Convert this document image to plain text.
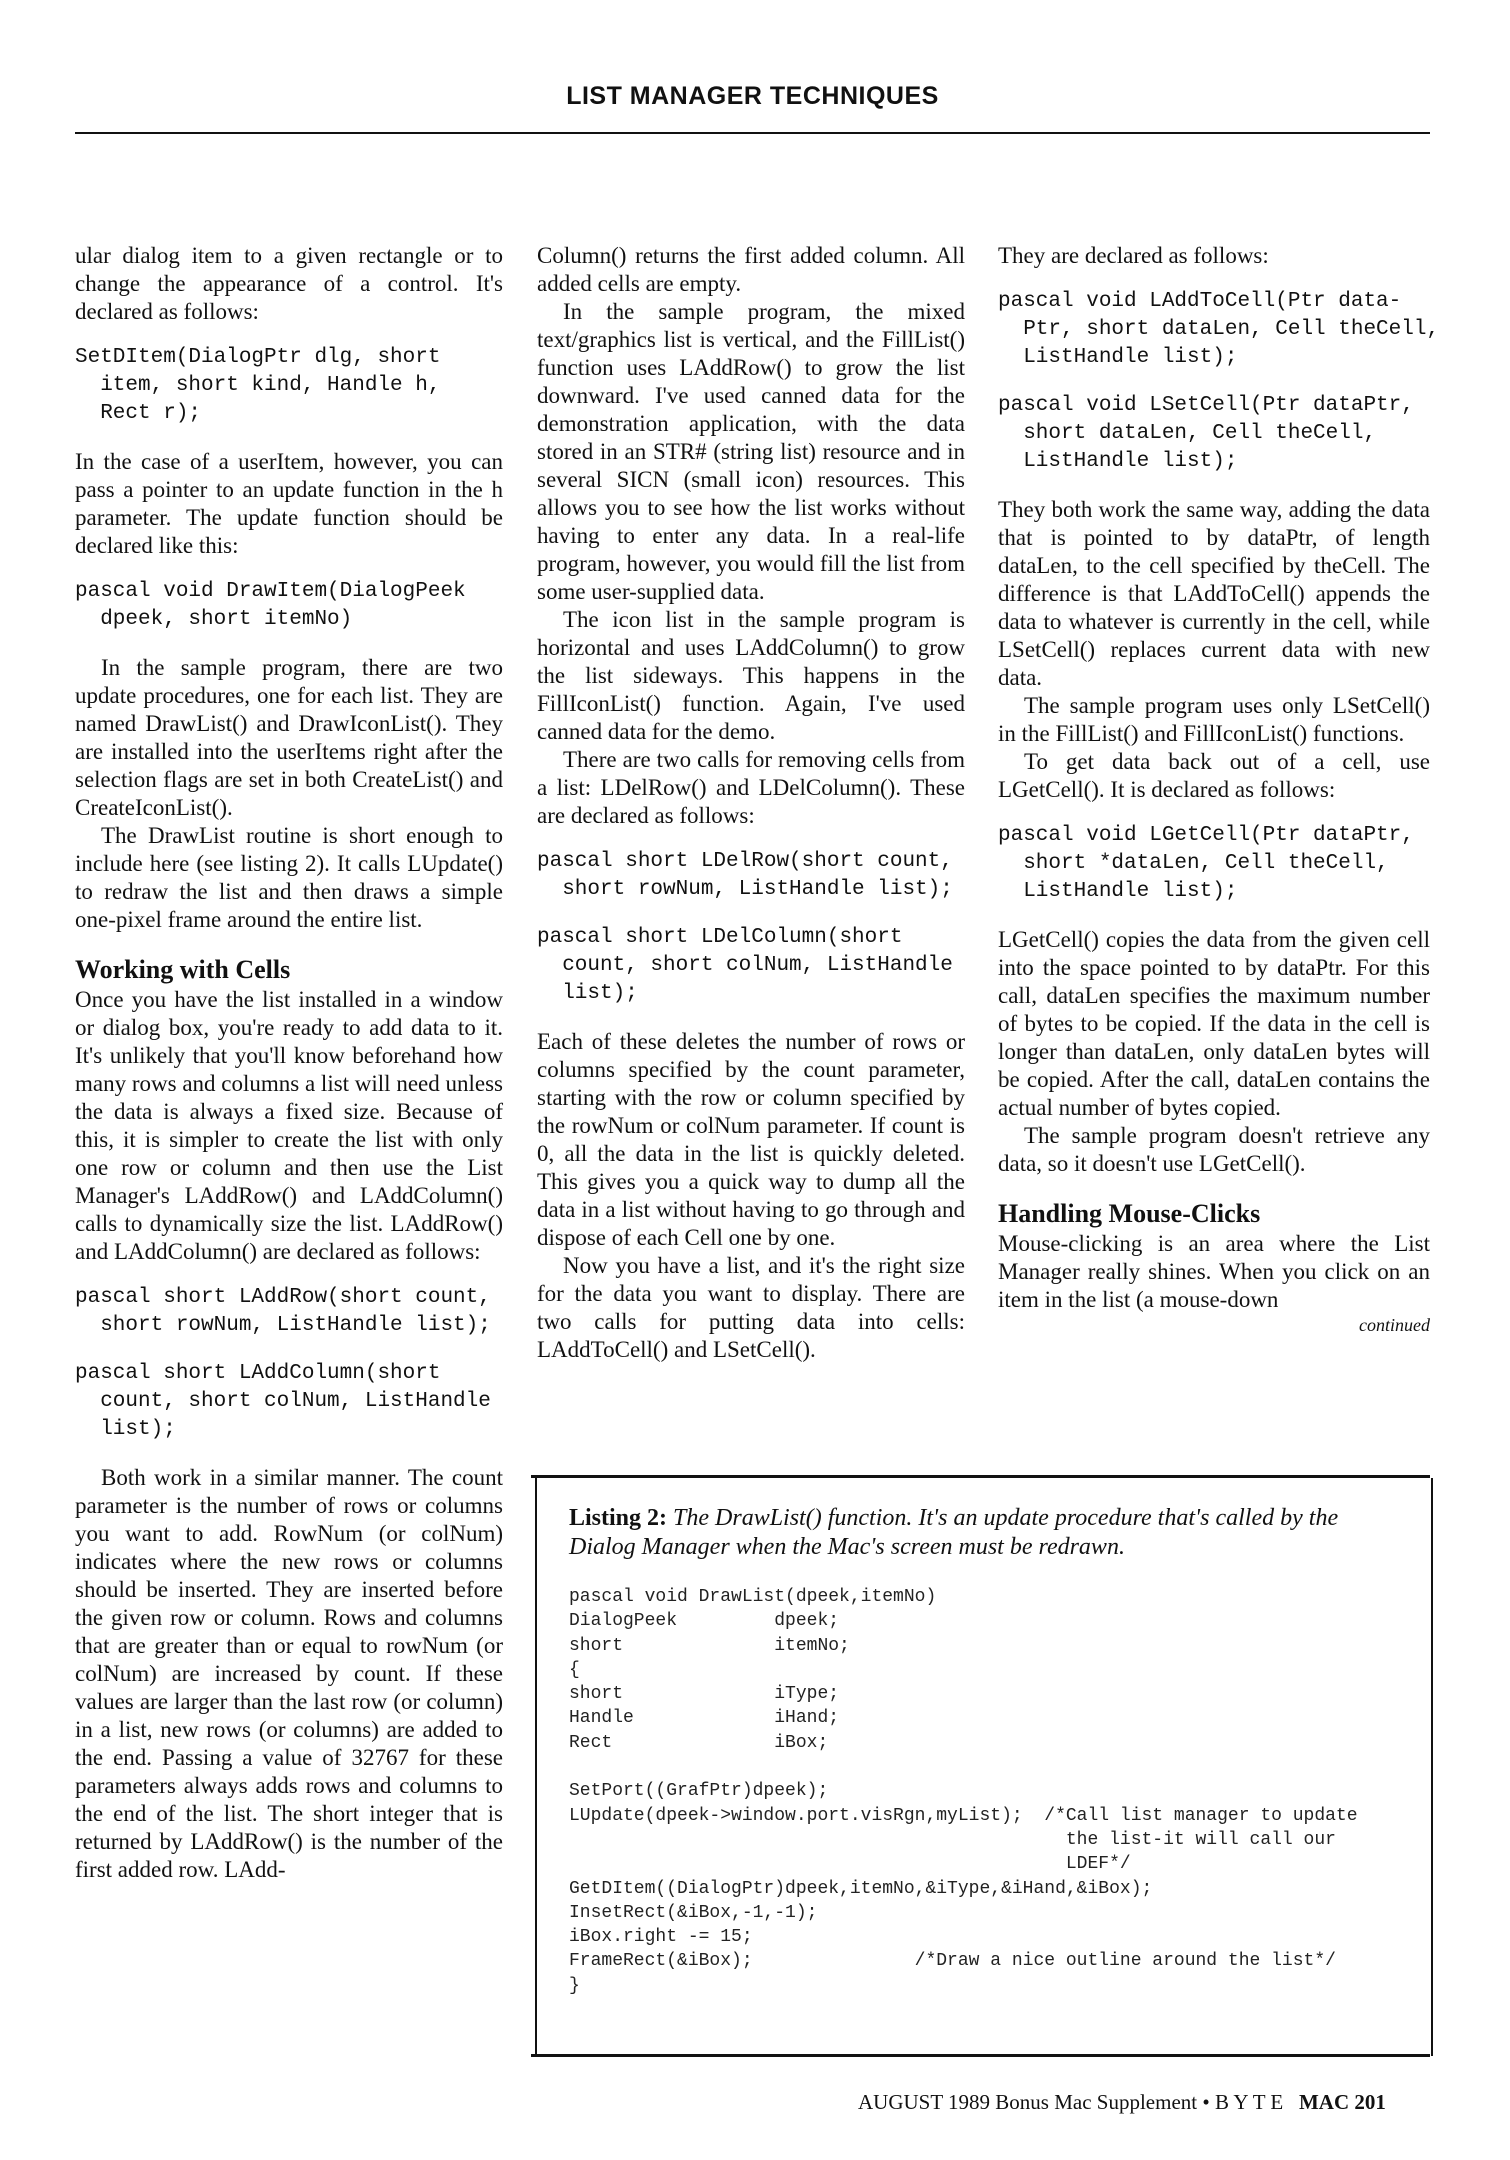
LIST MANAGER TECHNIQUES

ular dialog item to a given rectangle or to change the appearance of a control. It's declared as follows:

SetDItem(DialogPtr dlg, short
item, short kind, Handle h,
Rect r);

In the case of a userItem, however, you can pass a pointer to an update function in the h parameter. The update function should be declared like this:

pascal void DrawItem(DialogPeek
dpeek, short itemNo)

In the sample program, there are two update procedures, one for each list. They are named DrawList() and DrawIconList(). They are installed into the userItems right after the selection flags are set in both CreateList() and CreateIconList().

The DrawList routine is short enough to include here (see listing 2). It calls LUpdate() to redraw the list and then draws a simple one-pixel frame around the entire list.

Working with Cells

Once you have the list installed in a window or dialog box, you're ready to add data to it. It's unlikely that you'll know beforehand how many rows and columns a list will need unless the data is always a fixed size. Because of this, it is simpler to create the list with only one row or column and then use the List Manager's LAddRow() and LAddColumn() calls to dynamically size the list. LAddRow() and LAddColumn() are declared as follows:

pascal short LAddRow(short count,
short rowNum, ListHandle list);
pascal short LAddColumn(short
count, short colNum, ListHandle
list);

Both work in a similar manner. The count parameter is the number of rows or columns you want to add. RowNum (or colNum) indicates where the new rows or columns should be inserted. They are inserted before the given row or column. Rows and columns that are greater than or equal to rowNum (or colNum) are increased by count. If these values are larger than the last row (or column) in a list, new rows (or columns) are added to the end. Passing a value of 32767 for these parameters always adds rows and columns to the end of the list. The short integer that is returned by LAddRow() is the number of the first added row. LAdd-

Column() returns the first added column. All added cells are empty.

In the sample program, the mixed text/graphics list is vertical, and the FillList() function uses LAddRow() to grow the list downward. I've used canned data for the demonstration application, with the data stored in an STR# (string list) resource and in several SICN (small icon) resources. This allows you to see how the list works without having to enter any data. In a real-life program, however, you would fill the list from some user-supplied data.

The icon list in the sample program is horizontal and uses LAddColumn() to grow the list sideways. This happens in the FillIconList() function. Again, I've used canned data for the demo.

There are two calls for removing cells from a list: LDelRow() and LDelColumn(). These are declared as follows:

pascal short LDelRow(short count,
short rowNum, ListHandle list);
pascal short LDelColumn(short
count, short colNum, ListHandle
list);

Each of these deletes the number of rows or columns specified by the count parameter, starting with the row or column specified by the rowNum or colNum parameter. If count is 0, all the data in the list is quickly deleted. This gives you a quick way to dump all the data in a list without having to go through and dispose of each Cell one by one.

Now you have a list, and it's the right size for the data you want to display. There are two calls for putting data into cells: LAddToCell() and LSetCell().

They are declared as follows:

pascal void LAddToCell(Ptr data-
Ptr, short dataLen, Cell theCell,
ListHandle list);
pascal void LSetCell(Ptr dataPtr,
short dataLen, Cell theCell,
ListHandle list);

They both work the same way, adding the data that is pointed to by dataPtr, of length dataLen, to the cell specified by theCell. The difference is that LAddToCell() appends the data to whatever is currently in the cell, while LSetCell() replaces current data with new data.

The sample program uses only LSetCell() in the FillList() and FillIconList() functions.

To get data back out of a cell, use LGetCell(). It is declared as follows:

pascal void LGetCell(Ptr dataPtr,
short *dataLen, Cell theCell,
ListHandle list);

LGetCell() copies the data from the given cell into the space pointed to by dataPtr. For this call, dataLen specifies the maximum number of bytes to be copied. If the data in the cell is longer than dataLen, only dataLen bytes will be copied. After the call, dataLen contains the actual number of bytes copied.

The sample program doesn't retrieve any data, so it doesn't use LGetCell().

Handling Mouse-Clicks

Mouse-clicking is an area where the List Manager really shines. When you click on an item in the list (a mouse-down

continued
Listing 2: The DrawList() function. It's an update procedure that's called by the Dialog Manager when the Mac's screen must be redrawn.
pascal void DrawList(dpeek,itemNo)
DialogPeek         dpeek;
short              itemNo;
{
short              iType;
Handle             iHand;
Rect               iBox;

SetPort((GrafPtr)dpeek);
LUpdate(dpeek->window.port.visRgn,myList);  /*Call list manager to update
the list-it will call our
LDEF*/
GetDItem((DialogPtr)dpeek,itemNo,&iType,&iHand,&iBox);
InsetRect(&iBox,-1,-1);
iBox.right -= 15;
FrameRect(&iBox);               /*Draw a nice outline around the list*/
}
AUGUST 1989 Bonus Mac Supplement • B Y T E MAC 201
